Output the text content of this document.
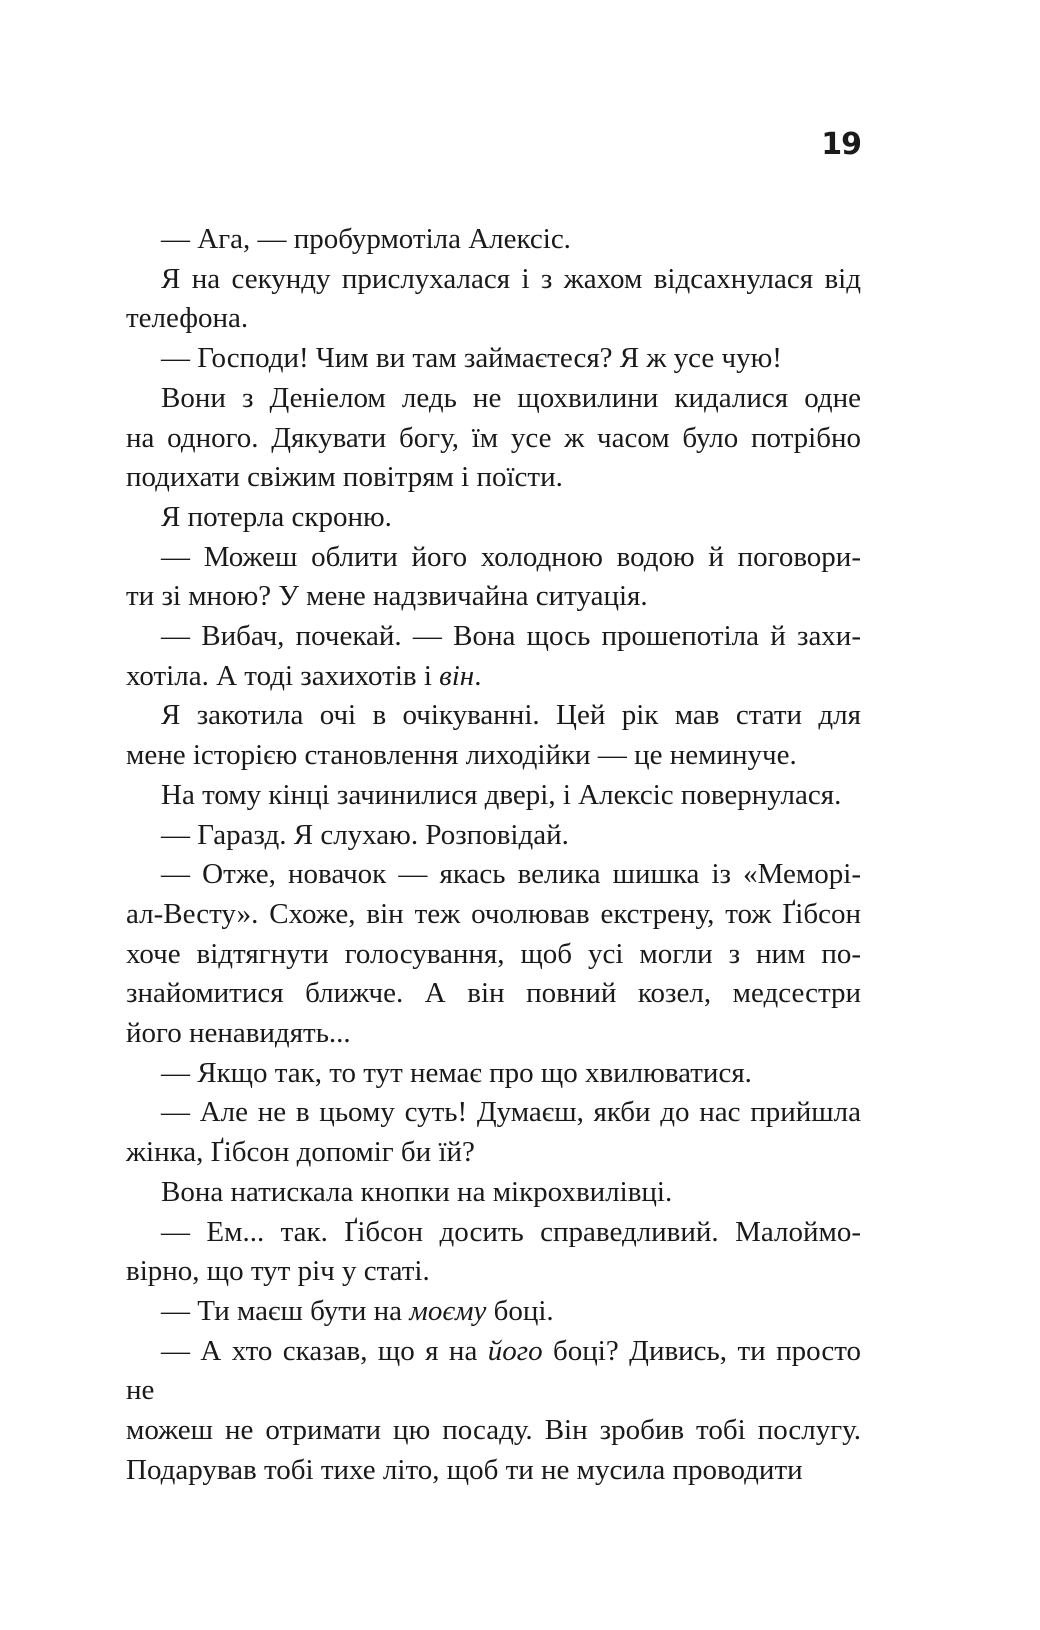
19
— Ага, — пробурмотіла Алексіс.
Я на секунду прислухалася і з жахом відсахнулася від
телефона.
— Господи! Чим ви там займаєтеся? Я ж усе чую!
Вони з Деніелом ледь не щохвилини кидалися одне
на одного. Дякувати богу, їм усе ж часом було потрібно
подихати свіжим повітрям і поїсти.
Я потерла скроню.
— Можеш облити його холодною водою й поговори-
ти зі мною? У мене надзвичайна ситуація.
— Вибач, почекай. — Вона щось прошепотіла й захи-
хотіла. А тоді захихотів і він.
Я закотила очі в очікуванні. Цей рік мав стати для
мене історією становлення лиходійки — це неминуче.
На тому кінці зачинилися двері, і Алексіс повернулася.
— Гаразд. Я слухаю. Розповідай.
— Отже, новачок — якась велика шишка із «Меморі-
ал-Весту». Схоже, він теж очолював екстрену, тож Ґібсон
хоче відтягнути голосування, щоб усі могли з ним по-
знайомитися ближче. А він повний козел, медсестри
його ненавидять...
— Якщо так, то тут немає про що хвилюватися.
— Але не в цьому суть! Думаєш, якби до нас прийшла
жінка, Ґібсон допоміг би їй?
Вона натискала кнопки на мікрохвилівці.
— Ем... так. Ґібсон досить справедливий. Малоймо-
вірно, що тут річ у статі.
— Ти маєш бути на моєму боці.
— А хто сказав, що я на його боці? Дивись, ти просто не
можеш не отримати цю посаду. Він зробив тобі послугу.
Подарував тобі тихе літо, щоб ти не мусила проводити
